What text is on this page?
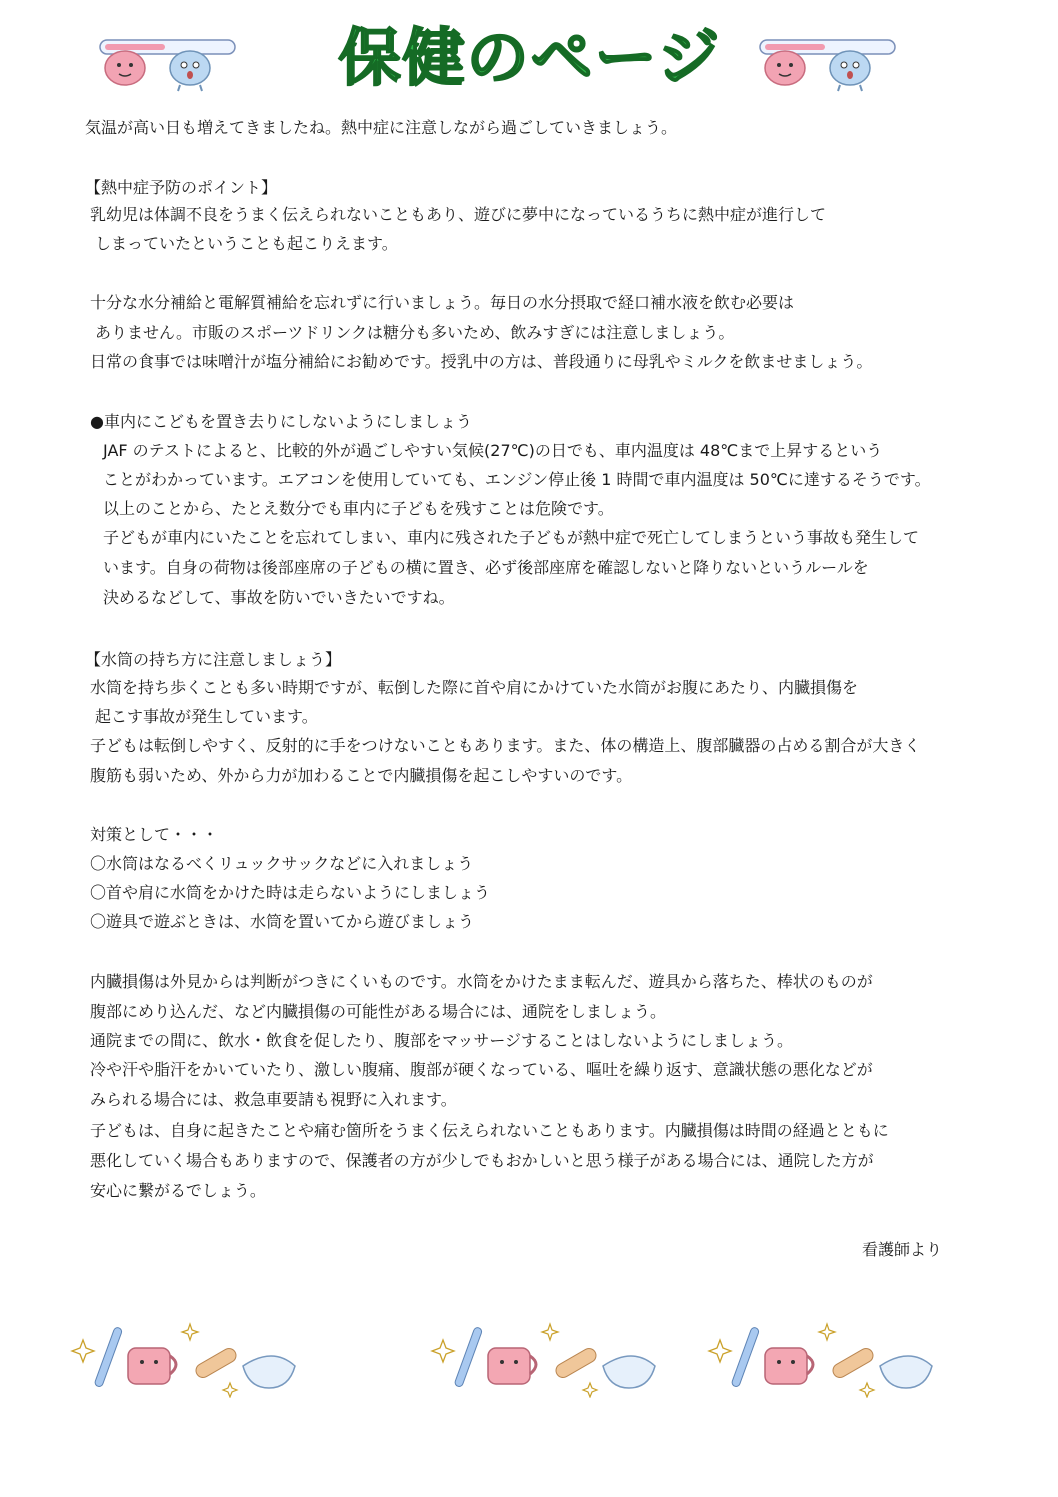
保健のページ
気温が高い日も増えてきましたね。熱中症に注意しながら過ごしていきましょう。
【熱中症予防のポイント】
乳幼児は体調不良をうまく伝えられないこともあり、遊びに夢中になっているうちに熱中症が進行して
しまっていたということも起こりえます。
十分な水分補給と電解質補給を忘れずに行いましょう。毎日の水分摂取で経口補水液を飲む必要は
ありません。市販のスポーツドリンクは糖分も多いため、飲みすぎには注意しましょう。
日常の食事では味噌汁が塩分補給にお勧めです。授乳中の方は、普段通りに母乳やミルクを飲ませましょう。
●車内にこどもを置き去りにしないようにしましょう
JAF のテストによると、比較的外が過ごしやすい気候(27℃)の日でも、車内温度は 48℃まで上昇するという
ことがわかっています。エアコンを使用していても、エンジン停止後 1 時間で車内温度は 50℃に達するそうです。
以上のことから、たとえ数分でも車内に子どもを残すことは危険です。
子どもが車内にいたことを忘れてしまい、車内に残された子どもが熱中症で死亡してしまうという事故も発生して
います。自身の荷物は後部座席の子どもの横に置き、必ず後部座席を確認しないと降りないというルールを
決めるなどして、事故を防いでいきたいですね。
【水筒の持ち方に注意しましょう】
水筒を持ち歩くことも多い時期ですが、転倒した際に首や肩にかけていた水筒がお腹にあたり、内臓損傷を
起こす事故が発生しています。
子どもは転倒しやすく、反射的に手をつけないこともあります。また、体の構造上、腹部臓器の占める割合が大きく
腹筋も弱いため、外から力が加わることで内臓損傷を起こしやすいのです。
対策として・・・
〇水筒はなるべくリュックサックなどに入れましょう
〇首や肩に水筒をかけた時は走らないようにしましょう
〇遊具で遊ぶときは、水筒を置いてから遊びましょう
内臓損傷は外見からは判断がつきにくいものです。水筒をかけたまま転んだ、遊具から落ちた、棒状のものが
腹部にめり込んだ、など内臓損傷の可能性がある場合には、通院をしましょう。
通院までの間に、飲水・飲食を促したり、腹部をマッサージすることはしないようにしましょう。
冷や汗や脂汗をかいていたり、激しい腹痛、腹部が硬くなっている、嘔吐を繰り返す、意識状態の悪化などが
みられる場合には、救急車要請も視野に入れます。
子どもは、自身に起きたことや痛む箇所をうまく伝えられないこともあります。内臓損傷は時間の経過とともに
悪化していく場合もありますので、保護者の方が少しでもおかしいと思う様子がある場合には、通院した方が
安心に繋がるでしょう。
看護師より
